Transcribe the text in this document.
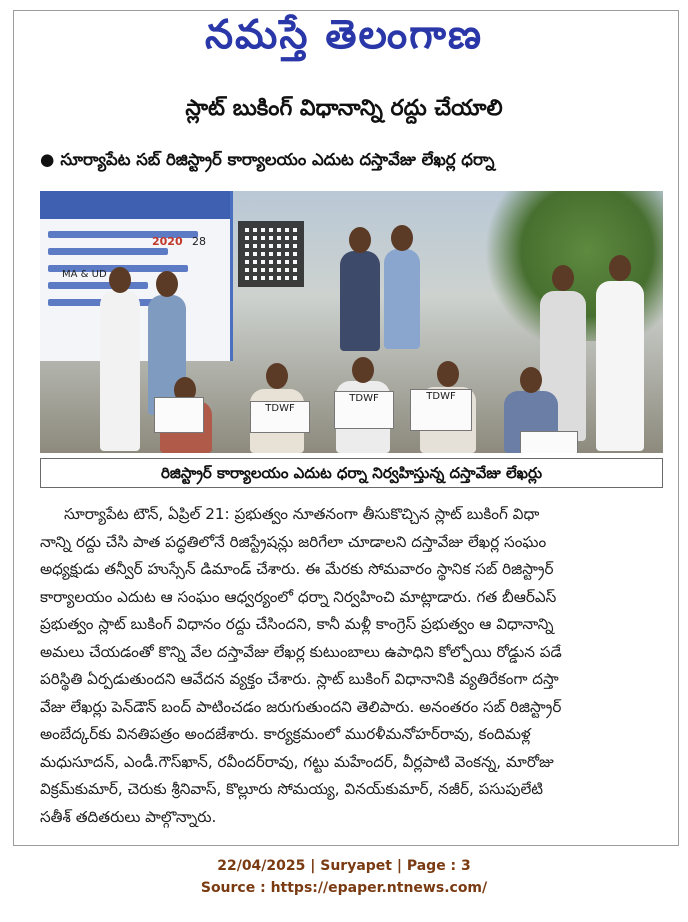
నమస్తే తెలంగాణ
స్లాట్ బుకింగ్ విధానాన్ని రద్దు చేయాలి
● సూర్యాపేట సబ్ రిజిస్ట్రార్ కార్యాలయం ఎదుట దస్తావేజు లేఖర్ల ధర్నా
2020 28
MA & UD
TDWF
TDWF	TDWF
రిజిస్ట్రార్ కార్యాలయం ఎదుట ధర్నా నిర్వహిస్తున్న దస్తావేజు లేఖర్లు
సూర్యాపేట టౌన్, ఏప్రిల్ 21: ప్రభుత్వం నూతనంగా తీసుకొచ్చిన స్లాట్ బుకింగ్ విధా
నాన్ని రద్దు చేసి పాత పద్ధతిలోనే రిజిస్ట్రేషన్లు జరిగేలా చూడాలని దస్తావేజు లేఖర్ల సంఘం
అధ్యక్షుడు తన్వీర్ హుస్సేన్ డిమాండ్ చేశారు. ఈ మేరకు సోమవారం స్థానిక సబ్ రిజిస్ట్రార్
కార్యాలయం ఎదుట ఆ సంఘం ఆధ్వర్యంలో ధర్నా నిర్వహించి మాట్లాడారు. గత బీఆర్ఎస్
ప్రభుత్వం స్లాట్ బుకింగ్ విధానం రద్దు చేసిందని, కానీ మళ్లీ కాంగ్రెస్ ప్రభుత్వం ఆ విధానాన్ని
అమలు చేయడంతో కొన్ని వేల దస్తావేజు లేఖర్ల కుటుంబాలు ఉపాధిని కోల్పోయి రోడ్డున పడే
పరిస్థితి ఏర్పడుతుందని ఆవేదన వ్యక్తం చేశారు. స్లాట్ బుకింగ్ విధానానికి వ్యతిరేకంగా దస్తా
వేజు లేఖర్లు పెన్‌డౌన్ బంద్ పాటించడం జరుగుతుందని తెలిపారు. అనంతరం సబ్ రిజిస్ట్రార్
అంబేద్కర్‌కు వినతిపత్రం అందజేశారు. కార్యక్రమంలో మురళీమనోహర్‌రావు, కందిమళ్ల
మధుసూదన్, ఎండీ.గౌస్‌ఖాన్, రవీందర్‌రావు, గట్టు మహేందర్, వీర్లపాటి వెంకన్న, మారోజు
విక్రమ్‌కుమార్, చెరుకు శ్రీనివాస్, కొల్లూరు సోమయ్య, వినయ్‌కుమార్, నజీర్, పసుపులేటి
సతీశ్ తదితరులు పాల్గొన్నారు.
22/04/2025 | Suryapet | Page : 3
Source : https://epaper.ntnews.com/
